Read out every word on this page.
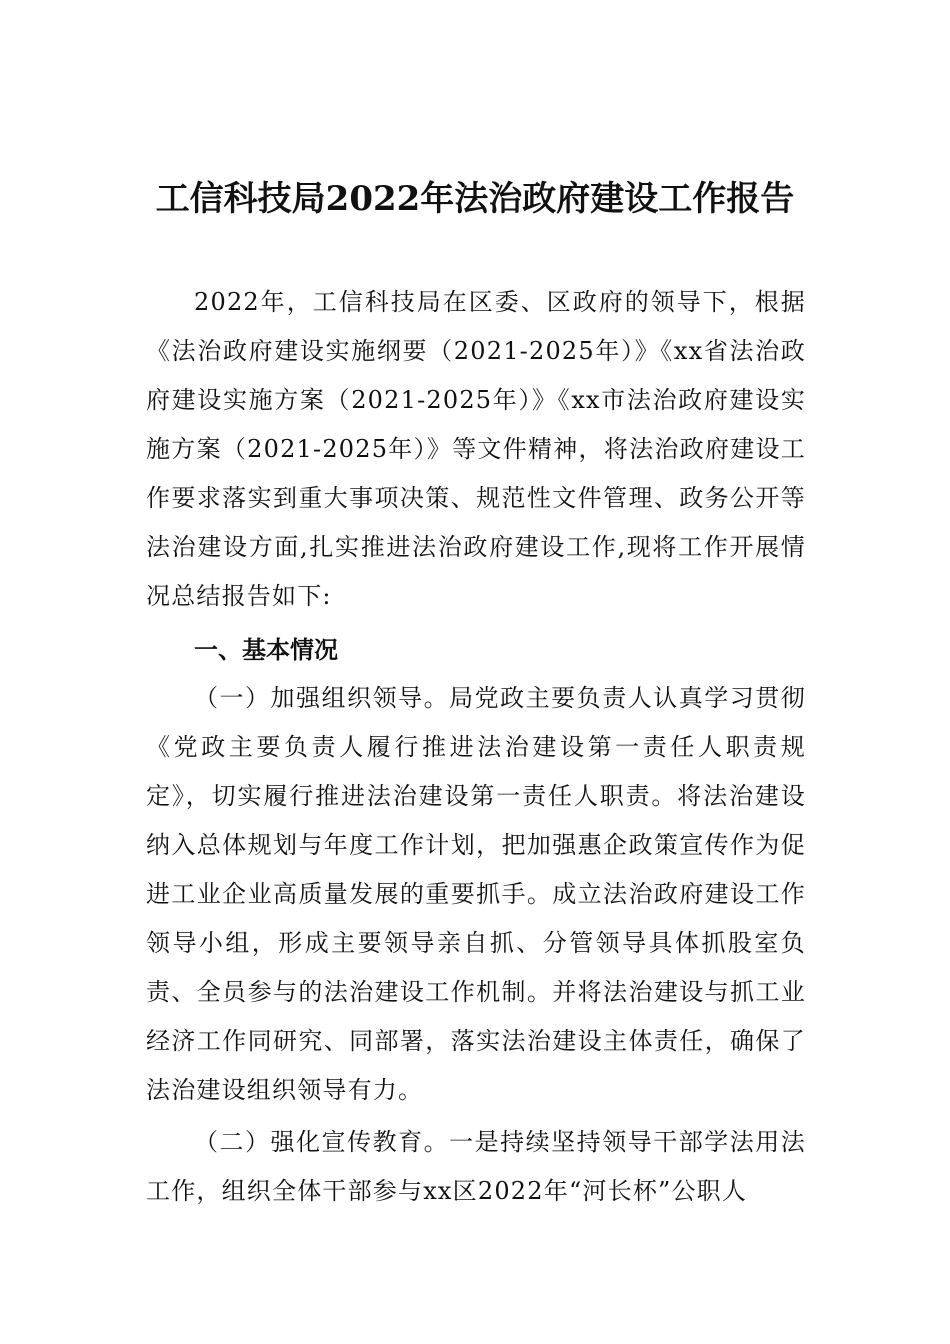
工信科技局2022年法治政府建设工作报告

2022年，工信科技局在区委、区政府的领导下，根据《法治政府建设实施纲要（2021-2025年）》《xx省法治政府建设实施方案（2021-2025年）》《xx市法治政府建设实施方案（2021-2025年）》等文件精神，将法治政府建设工作要求落实到重大事项决策、规范性文件管理、政务公开等法治建设方面,扎实推进法治政府建设工作,现将工作开展情况总结报告如下:

一、基本情况

（一）加强组织领导。局党政主要负责人认真学习贯彻《党政主要负责人履行推进法治建设第一责任人职责规定》，切实履行推进法治建设第一责任人职责。将法治建设纳入总体规划与年度工作计划，把加强惠企政策宣传作为促进工业企业高质量发展的重要抓手。成立法治政府建设工作领导小组，形成主要领导亲自抓、分管领导具体抓股室负责、全员参与的法治建设工作机制。并将法治建设与抓工业经济工作同研究、同部署，落实法治建设主体责任，确保了法治建设组织领导有力。

（二）强化宣传教育。一是持续坚持领导干部学法用法工作，组织全体干部参与xx区2022年“河长杯”公职人
